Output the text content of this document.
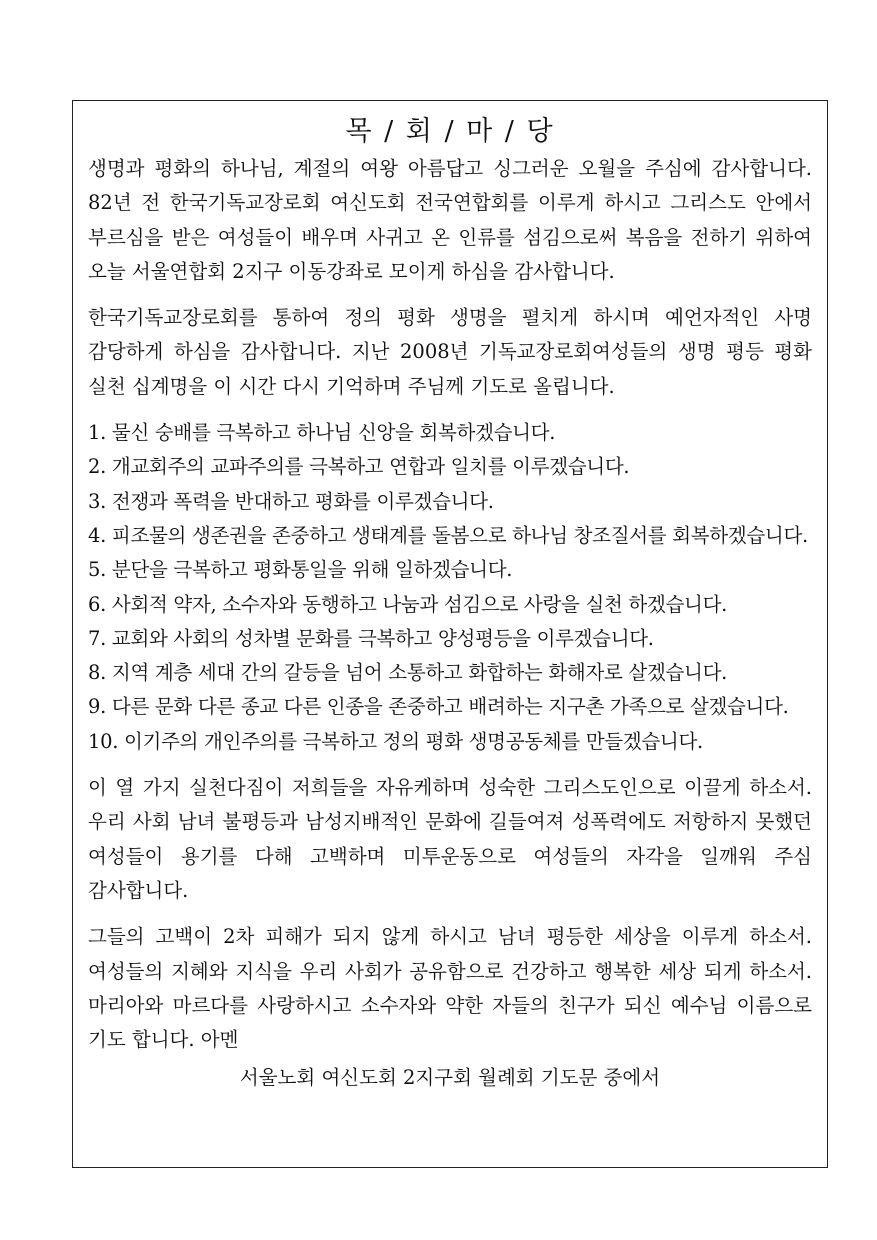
목 / 회 / 마 / 당

생명과 평화의 하나님, 계절의 여왕 아름답고 싱그러운 오월을 주심에 감사합니다. 82년 전 한국기독교장로회 여신도회 전국연합회를 이루게 하시고 그리스도 안에서 부르심을 받은 여성들이 배우며 사귀고 온 인류를 섬김으로써 복음을 전하기 위하여 오늘 서울연합회 2지구 이동강좌로 모이게 하심을 감사합니다.

한국기독교장로회를 통하여 정의 평화 생명을 펼치게 하시며 예언자적인 사명 감당하게 하심을 감사합니다. 지난 2008년 기독교장로회여성들의 생명 평등 평화 실천 십계명을 이 시간 다시 기억하며 주님께 기도로 올립니다.

1. 물신 숭배를 극복하고 하나님 신앙을 회복하겠습니다.
2. 개교회주의 교파주의를 극복하고 연합과 일치를 이루겠습니다.
3. 전쟁과 폭력을 반대하고 평화를 이루겠습니다.
4. 피조물의 생존권을 존중하고 생태계를 돌봄으로 하나님 창조질서를 회복하겠습니다.
5. 분단을 극복하고 평화통일을 위해 일하겠습니다.
6. 사회적 약자, 소수자와 동행하고 나눔과 섬김으로 사랑을 실천 하겠습니다.
7. 교회와 사회의 성차별 문화를 극복하고 양성평등을 이루겠습니다.
8. 지역 계층 세대 간의 갈등을 넘어 소통하고 화합하는 화해자로 살겠습니다.
9. 다른 문화 다른 종교 다른 인종을 존중하고 배려하는 지구촌 가족으로 살겠습니다.
10. 이기주의 개인주의를 극복하고 정의 평화 생명공동체를 만들겠습니다.

이 열 가지 실천다짐이 저희들을 자유케하며 성숙한 그리스도인으로 이끌게 하소서. 우리 사회 남녀 불평등과 남성지배적인 문화에 길들여져 성폭력에도 저항하지 못했던 여성들이 용기를 다해 고백하며 미투운동으로 여성들의 자각을 일깨워 주심 감사합니다.

그들의 고백이 2차 피해가 되지 않게 하시고 남녀 평등한 세상을 이루게 하소서. 여성들의 지혜와 지식을 우리 사회가 공유함으로 건강하고 행복한 세상 되게 하소서. 마리아와 마르다를 사랑하시고 소수자와 약한 자들의 친구가 되신 예수님 이름으로 기도 합니다. 아멘

서울노회 여신도회 2지구회 월례회 기도문 중에서
